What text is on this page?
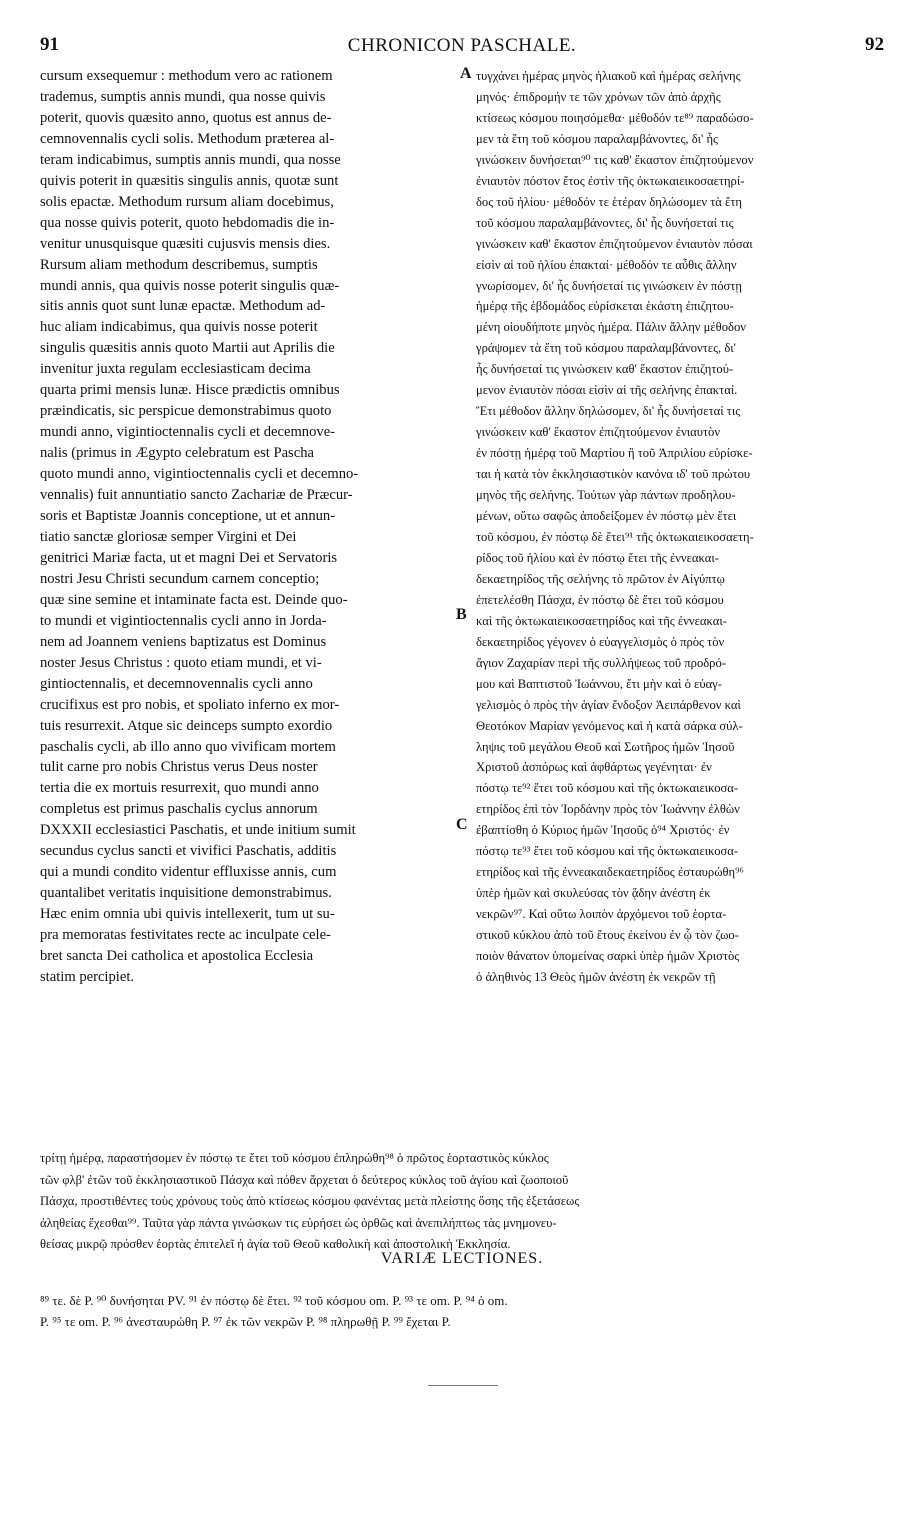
91	CHRONICON PASCHALE.	92
cursum exsequemur : methodum vero ac rationem
trademus, sumptis annis mundi, qua nosse quivis
poterit, quovis quæsito anno, quotus est annus de-
cemnovennalis cycli solis. Methodum præterea al-
teram indicabimus, sumptis annis mundi, qua nosse
quivis poterit in quæsitis singulis annis, quotæ sunt
solis epactæ. Methodum rursum aliam docebimus,
qua nosse quivis poterit, quoto hebdomadis die in-
venitur unusquisque quæsiti cujusvis mensis dies.
Rursum aliam methodum describemus, sumptis
mundi annis, qua quivis nosse poterit singulis quæ-
sitis annis quot sunt lunæ epactæ. Methodum ad-
huc aliam indicabimus, qua quivis nosse poterit
singulis quæsitis annis quoto Martii aut Aprilis die
invenitur juxta regulam ecclesiasticam decima
quarta primi mensis lunæ. Hisce prædictis omnibus
præindicatis, sic perspicue demonstrabimus quoto
mundi anno, vigintioctennalis cycli et decemnove-
nalis (primus in Ægypto celebratum est Pascha
quoto mundi anno, vigintioctennalis cycli et decemno-
vennalis) fuit annuntiatio sancto Zachariæ de Præcur-
soris et Baptistæ Joannis conceptione, ut et annun-
tiatio sanctæ gloriosæ semper Virgini et Dei
genitrici Mariæ facta, ut et magni Dei et Servatoris
nostri Jesu Christi secundum carnem conceptio;
quæ sine semine et intaminate facta est. Deinde quo-
to mundi et vigintioctennalis cycli anno in Jorda-
nem ad Joannem veniens baptizatus est Dominus
noster Jesus Christus : quoto etiam mundi, et vi-
gintioctennalis, et decemnovennalis cycli anno
crucifixus est pro nobis, et spoliato inferno ex mor-
tuis resurrexit. Atque sic deinceps sumpto exordio
paschalis cycli, ab illo anno quo vivificam mortem
tulit carne pro nobis Christus verus Deus noster
tertia die ex mortuis resurrexit, quo mundi anno
completus est primus paschalis cyclus annorum
DXXXII ecclesiastici Paschatis, et unde initium sumit
secundus cyclus sancti et vivifici Paschatis, additis
qui a mundi condito videntur effluxisse annis, cum
quantalibet veritatis inquisitione demonstrabimus.
Hæc enim omnia ubi quivis intellexerit, tum ut su-
pra memoratas festivitates recte ac inculpate cele-
bret sancta Dei catholica et apostolica Ecclesia
statim percipiet.
A
B
C
τυγχάνει ἡμέρας μηνὸς ἡλιακοῦ καὶ ἡμέρας σελήνης
μηνός· ἐπιδρομήν τε τῶν χρόνων τῶν ἀπὸ ἀρχῆς
κτίσεως κόσμου ποιησόμεθα· μέθοδόν τε⁸⁹ παραδώσο-
μεν τὰ ἔτη τοῦ κόσμου παραλαμβάνοντες, δι' ἧς
γινώσκειν δυνήσεται⁹⁰ τις καθ' ἕκαστον ἐπιζητούμενον
ἐνιαυτὸν πόστον ἔτος ἐστὶν τῆς ὀκτωκαιεικοσαετηρί-
δος τοῦ ἡλίου· μέθοδόν τε ἑτέραν δηλώσομεν τὰ ἔτη
τοῦ κόσμου παραλαμβάνοντες, δι' ἧς δυνήσεταί τις
γινώσκειν καθ' ἕκαστον ἐπιζητούμενον ἐνιαυτὸν πόσαι
εἰσὶν αἱ τοῦ ἡλίου ἐπακταί· μέθοδόν τε αὖθις ἄλλην
γνωρίσομεν, δι' ἧς δυνήσεταί τις γινώσκειν ἐν πόστῃ
ἡμέρᾳ τῆς ἑβδομάδος εὑρίσκεται ἑκάστη ἐπιζητου-
μένη οἱουδήποτε μηνὸς ἡμέρα. Πάλιν ἄλλην μέθοδον
γράψομεν τὰ ἔτη τοῦ κόσμου παραλαμβάνοντες, δι'
ἧς δυνήσεταί τις γινώσκειν καθ' ἕκαστον ἐπιζητού-
μενον ἐνιαυτὸν πόσαι εἰσὶν αἱ τῆς σελήνης ἐπακταί.
Ἔτι μέθοδον ἄλλην δηλώσομεν, δι' ἧς δυνήσεταί τις
γινώσκειν καθ' ἕκαστον ἐπιζητούμενον ἐνιαυτὸν
ἐν πόστῃ ἡμέρᾳ τοῦ Μαρτίου ἢ τοῦ Ἀπριλίου εὑρίσκε-
ται ἡ κατὰ τὸν ἐκκλησιαστικὸν κανόνα ιδ' τοῦ πρώτου
μηνὸς τῆς σελήνης. Τούτων γὰρ πάντων προδηλου-
μένων, οὕτω σαφῶς ἀποδείξομεν ἐν πόστῳ μὲν ἔτει
τοῦ κόσμου, ἐν πόστῳ δὲ ἔτει⁹¹ τῆς ὀκτωκαιεικοσαετη-
ρίδος τοῦ ἡλίου καὶ ἐν πόστῳ ἔτει τῆς ἐννεακαι-
δεκαετηρίδος τῆς σελήνης τὸ πρῶτον ἐν Αἰγύπτῳ
ἐπετελέσθη Πάσχα, ἐν πόστῳ δὲ ἔτει τοῦ κόσμου
καὶ τῆς ὀκτωκαιεικοσαετηρίδος καὶ τῆς ἐννεακαι-
δεκαετηρίδος γέγονεν ὁ εὐαγγελισμὸς ὁ πρὸς τὸν
ἅγιον Ζαχαρίαν περὶ τῆς συλλήψεως τοῦ προδρό-
μου καὶ Βαπτιστοῦ Ἰωάννου, ἔτι μὴν καὶ ὁ εὐαγ-
γελισμὸς ὁ πρὸς τὴν ἁγίαν ἔνδοξον Ἀειπάρθενον καὶ
Θεοτόκον Μαρίαν γενόμενος καὶ ἡ κατὰ σάρκα σύλ-
ληψις τοῦ μεγάλου Θεοῦ καὶ Σωτῆρος ἡμῶν Ἰησοῦ
Χριστοῦ ἀσπόρως καὶ ἀφθάρτως γεγένηται· ἐν
πόστῳ τε⁹² ἔτει τοῦ κόσμου καὶ τῆς ὀκτωκαιεικοσα-
ετηρίδος ἐπὶ τὸν Ἰορδάνην πρὸς τὸν Ἰωάννην ἐλθὼν
ἐβαπτίσθη ὁ Κύριος ἡμῶν Ἰησοῦς ὁ⁹⁴ Χριστός· ἐν
πόστῳ τε⁹³ ἔτει τοῦ κόσμου καὶ τῆς ὀκτωκαιεικοσα-
ετηρίδος καὶ τῆς ἐννεακαιδεκαετηρίδος ἐσταυρώθη⁹⁶
ὑπὲρ ἡμῶν καὶ σκυλεύσας τὸν ᾅδην ἀνέστη ἐκ
νεκρῶν⁹⁷. Καὶ οὕτω λοιπὸν ἀρχόμενοι τοῦ ἑορτα-
στικοῦ κύκλου ἀπὸ τοῦ ἔτους ἐκείνου ἐν ᾧ τὸν ζωο-
ποιὸν θάνατον ὑπομείνας σαρκὶ ὑπὲρ ἡμῶν Χριστὸς
ὁ ἀληθινὸς 13 Θεὸς ἡμῶν ἀνέστη ἐκ νεκρῶν τῇ
τρίτῃ ἡμέρᾳ, παραστήσομεν ἐν πόστῳ τε ἔτει τοῦ κόσμου ἐπληρώθη⁹⁸ ὁ πρῶτος ἑορταστικὸς κύκλος
τῶν φλβ' ἐτῶν τοῦ ἐκκλησιαστικοῦ Πάσχα καὶ πόθεν ἄρχεται ὁ δεύτερος κύκλος τοῦ ἁγίου καὶ ζωοποιοῦ
Πάσχα, προστιθέντες τοὺς χρόνους τοὺς ἀπὸ κτίσεως κόσμου φανέντας μετὰ πλείστης ὅσης τῆς ἐξετάσεως
ἀληθείας ἔχεσθαι⁹⁹. Ταῦτα γὰρ πάντα γινώσκων τις εὑρήσει ὡς ὀρθῶς καὶ ἀνεπιλήπτως τὰς μνημονευ-
θείσας μικρῷ πρόσθεν ἑορτὰς ἐπιτελεῖ ἡ ἁγία τοῦ Θεοῦ καθολικὴ καὶ ἀποστολικὴ Ἐκκλησία.
VARIÆ LECTIONES.
⁸⁹ τε. δὲ P. ⁹⁰ δυνήσηται PV. ⁹¹ ἐν πόστῳ δὲ ἔτει. ⁹² τοῦ κόσμου om. P. ⁹³ τε om. P. ⁹⁴ ὁ om.
P. ⁹⁵ τε om. P. ⁹⁶ ἀνεσταυρώθη P. ⁹⁷ ἐκ τῶν νεκρῶν P. ⁹⁸ πληρωθῇ P. ⁹⁹ ἔχεται P.
